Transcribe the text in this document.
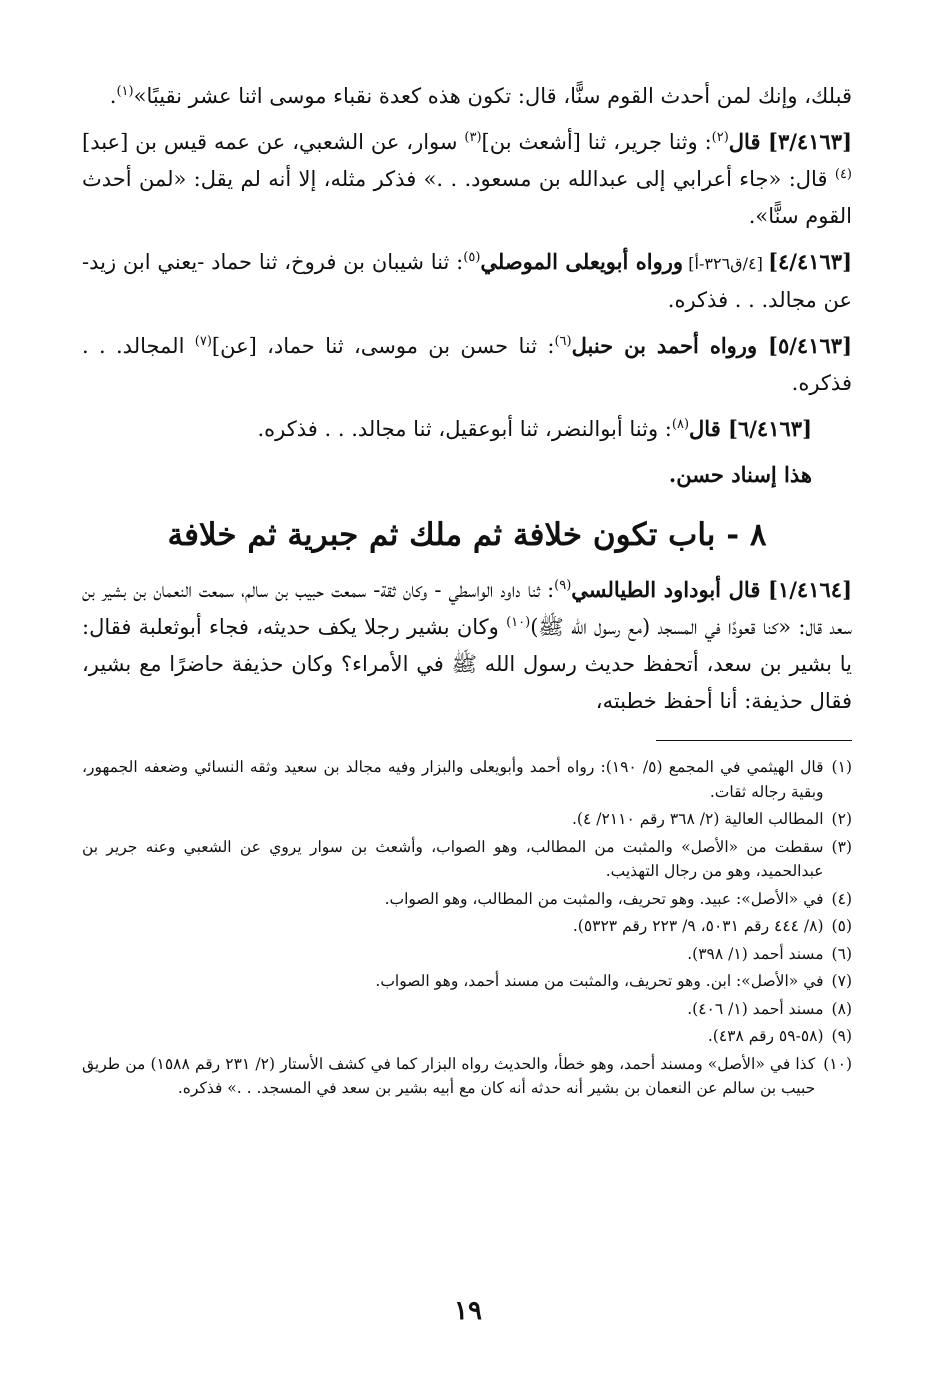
قبلك، وإنك لمن أحدث القوم سنًّا، قال: تكون هذه كعدة نقباء موسى اثنا عشر نقيبًا»$^{(١)}$.

[٣/٤١٦٣] قال$^{(٢)}$: وثنا جرير، ثنا [أشعث بن]$^{(٣)}$ سوار، عن الشعبي، عن عمه قيس بن [عبد]$^{(٤)}$ قال: «جاء أعرابي إلى عبدالله بن مسعود. . .» فذكر مثله، إلا أنه لم يقل: «لمن أحدث القوم سنًّا».

[٤/٤١٦٣] [٤/ق٣٢٦-أ] ورواه أبويعلى الموصلي$^{(٥)}$: ثنا شيبان بن فروخ، ثنا حماد -يعني ابن زيد- عن مجالد. . . فذكره.

[٥/٤١٦٣] ورواه أحمد بن حنبل$^{(٦)}$: ثنا حسن بن موسى، ثنا حماد، [عن]$^{(٧)}$ المجالد. . . فذكره.

[٦/٤١٦٣] قال$^{(٨)}$: وثنا أبوالنضر، ثنا أبوعقيل، ثنا مجالد. . . فذكره.

هذا إسناد حسن.

٨ - باب تكون خلافة ثم ملك ثم جبرية ثم خلافة

[١/٤١٦٤] قال أبوداود الطيالسي$^{(٩)}$: ثنا داود الواسطي - وكان ثقة- سمعت حبيب بن سالم، سمعت النعمان بن بشير بن سعد قال: «كنا قعودًا في المسجد (مع رسول الله ﷺ)$^{(١٠)}$ وكان بشير رجلا يكف حديثه، فجاء أبوثعلبة فقال: يا بشير بن سعد، أتحفظ حديث رسول الله ﷺ في الأمراء؟ وكان حذيفة حاضرًا مع بشير، فقال حذيفة: أنا أحفظ خطبته،

(١)
قال الهيثمي في المجمع (٥/ ١٩٠): رواه أحمد وأبويعلى والبزار وفيه مجالد بن سعيد وثقه النسائي وضعفه الجمهور، وبقية رجاله ثقات.
(٢)
المطالب العالية (٢/ ٣٦٨ رقم ٢١١٠/ ٤).
(٣)
سقطت من «الأصل» والمثبت من المطالب، وهو الصواب، وأشعث بن سوار يروي عن الشعبي وعنه جرير بن عبدالحميد، وهو من رجال التهذيب.
(٤)
في «الأصل»: عبيد. وهو تحريف، والمثبت من المطالب، وهو الصواب.
(٥)
(٨/ ٤٤٤ رقم ٥٠٣١، ٩/ ٢٢٣ رقم ٥٣٢٣).
(٦)
مسند أحمد (١/ ٣٩٨).
(٧)
في «الأصل»: ابن. وهو تحريف، والمثبت من مسند أحمد، وهو الصواب.
(٨)
مسند أحمد (١/ ٤٠٦).
(٩)
(٥٨-٥٩ رقم ٤٣٨).
(١٠)
كذا في «الأصل» ومسند أحمد، وهو خطأ، والحديث رواه البزار كما في كشف الأستار (٢/ ٢٣١ رقم ١٥٨٨) من طريق حبيب بن سالم عن النعمان بن بشير أنه حدثه أنه كان مع أبيه بشير بن سعد في المسجد. . .» فذكره.
١٩
